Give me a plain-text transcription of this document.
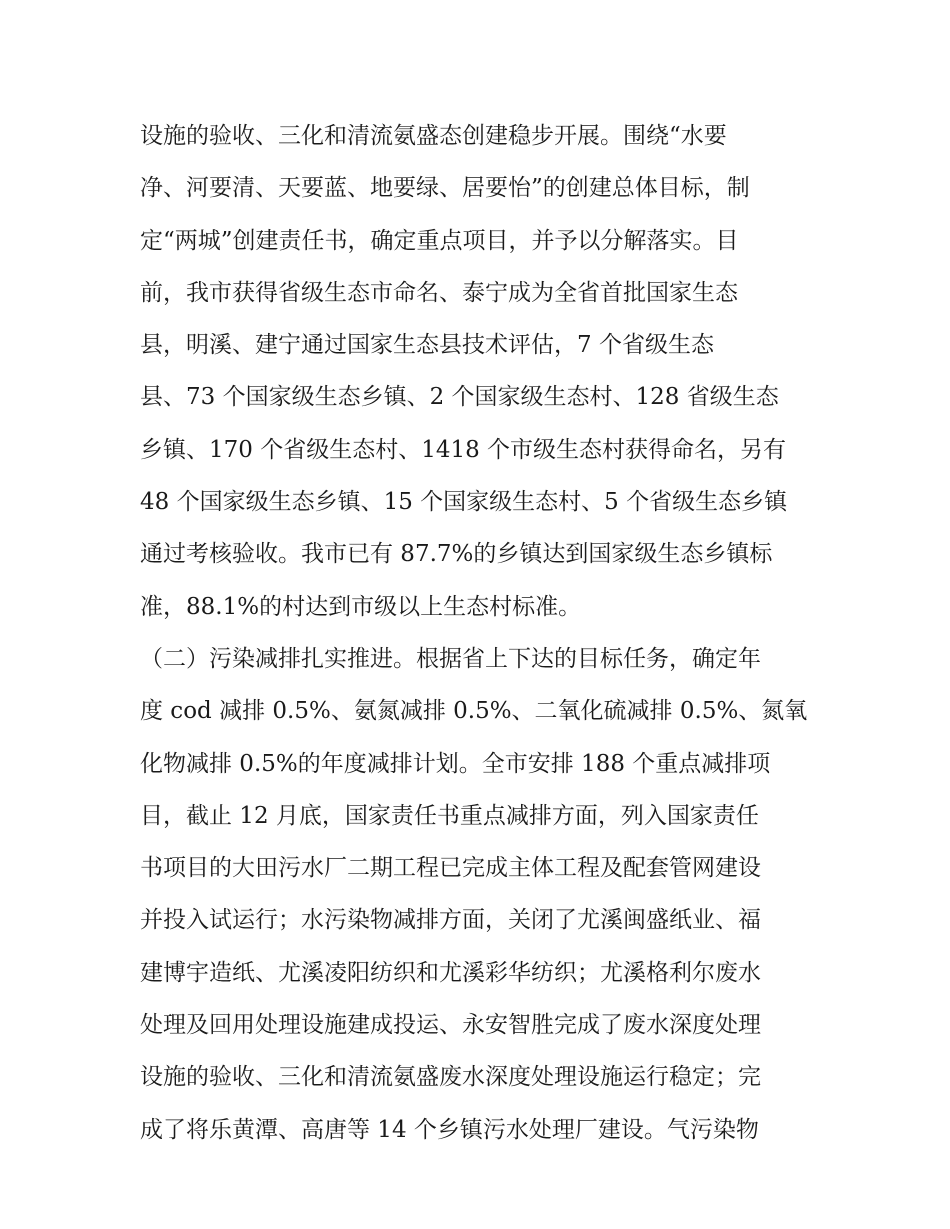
设施的验收、三化和清流氨盛态创建稳步开展。围绕“水要
净、河要清、天要蓝、地要绿、居要怡”的创建总体目标，制
定“两城”创建责任书，确定重点项目，并予以分解落实。目
前，我市获得省级生态市命名、泰宁成为全省首批国家生态
县，明溪、建宁通过国家生态县技术评估，7 个省级生态
县、73 个国家级生态乡镇、2 个国家级生态村、128 省级生态
乡镇、170 个省级生态村、1418 个市级生态村获得命名，另有
48 个国家级生态乡镇、15 个国家级生态村、5 个省级生态乡镇
通过考核验收。我市已有 87.7%的乡镇达到国家级生态乡镇标
准，88.1%的村达到市级以上生态村标准。
（二）污染减排扎实推进。根据省上下达的目标任务，确定年
度 cod 减排 0.5%、氨氮减排 0.5%、二氧化硫减排 0.5%、氮氧
化物减排 0.5%的年度减排计划。全市安排 188 个重点减排项
目，截止 12 月底，国家责任书重点减排方面，列入国家责任
书项目的大田污水厂二期工程已完成主体工程及配套管网建设
并投入试运行；水污染物减排方面，关闭了尤溪闽盛纸业、福
建博宇造纸、尤溪凌阳纺织和尤溪彩华纺织；尤溪格利尔废水
处理及回用处理设施建成投运、永安智胜完成了废水深度处理
设施的验收、三化和清流氨盛废水深度处理设施运行稳定；完
成了将乐黄潭、高唐等 14 个乡镇污水处理厂建设。气污染物
